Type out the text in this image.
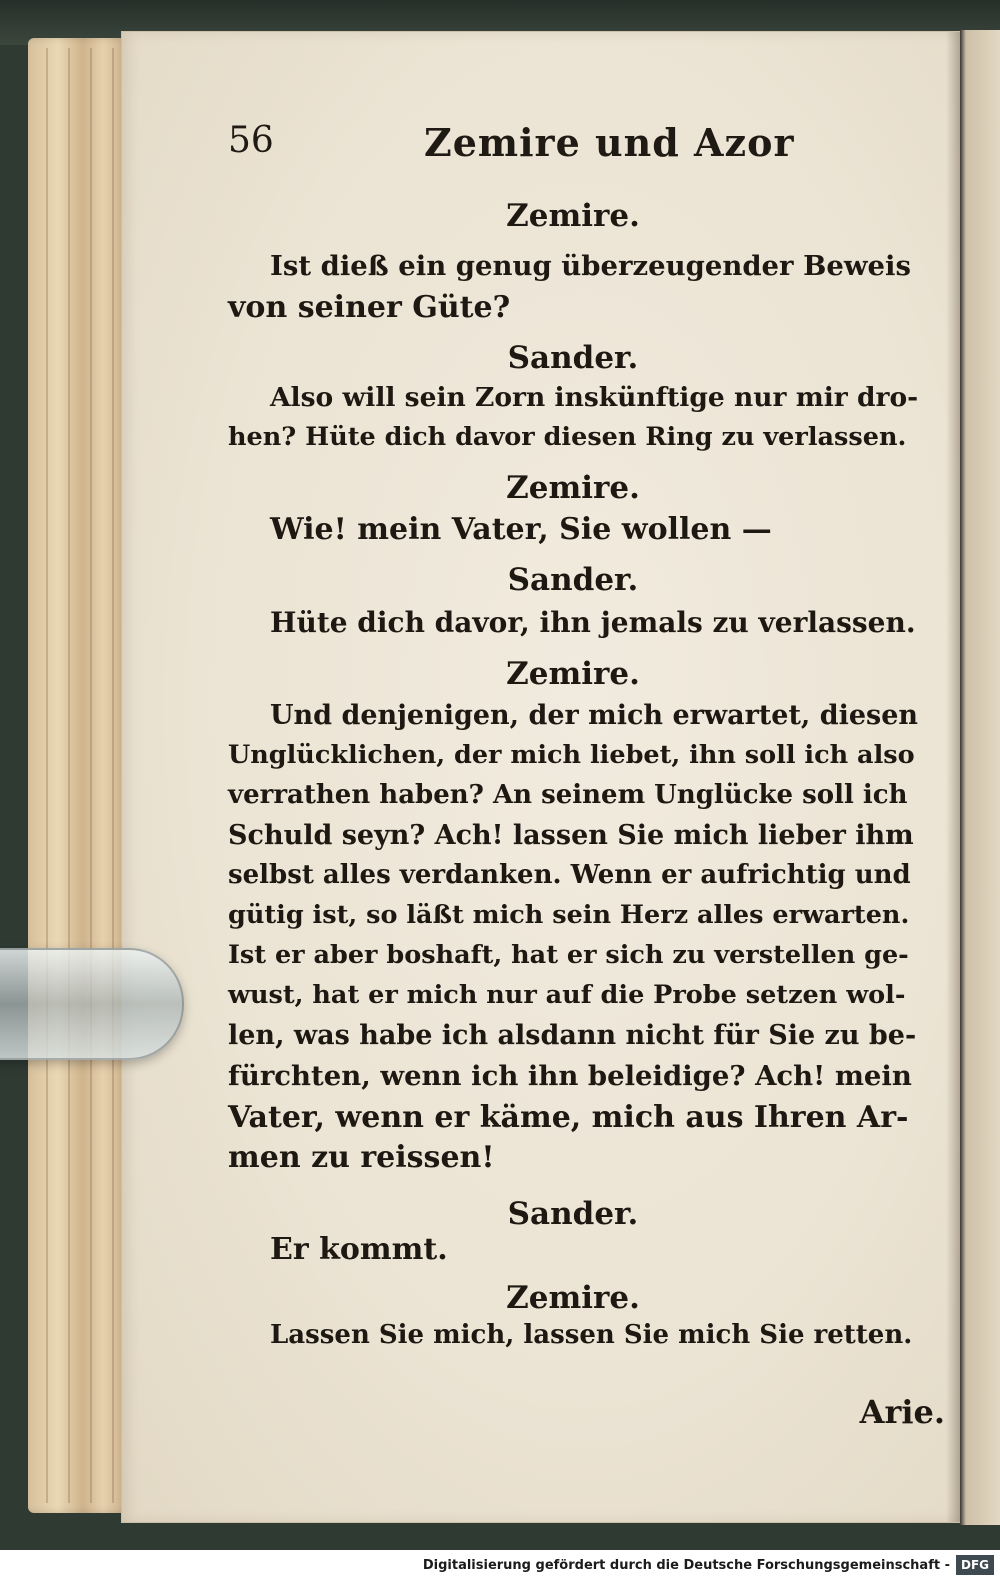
56	Zemire und Azor
Zemire.
Ist dieß ein genug überzeugender Beweis
von seiner Güte?
Sander.
Also will sein Zorn inskünftige nur mir dro-
hen? Hüte dich davor diesen Ring zu verlassen.
Zemire.
Wie! mein Vater, Sie wollen —
Sander.
Hüte dich davor, ihn jemals zu verlassen.
Zemire.
Und denjenigen, der mich erwartet, diesen
Unglücklichen, der mich liebet, ihn soll ich also
verrathen haben? An seinem Unglücke soll ich
Schuld seyn? Ach! lassen Sie mich lieber ihm
selbst alles verdanken. Wenn er aufrichtig und
gütig ist, so läßt mich sein Herz alles erwarten.
Ist er aber boshaft, hat er sich zu verstellen ge-
wust, hat er mich nur auf die Probe setzen wol-
len, was habe ich alsdann nicht für Sie zu be-
fürchten, wenn ich ihn beleidige? Ach! mein
Vater, wenn er käme, mich aus Ihren Ar-
men zu reissen!
Sander.
Er kommt.
Zemire.
Lassen Sie mich, lassen Sie mich Sie retten.
Arie.
Digitalisierung gefördert durch die Deutsche Forschungsgemeinschaft - DFG
